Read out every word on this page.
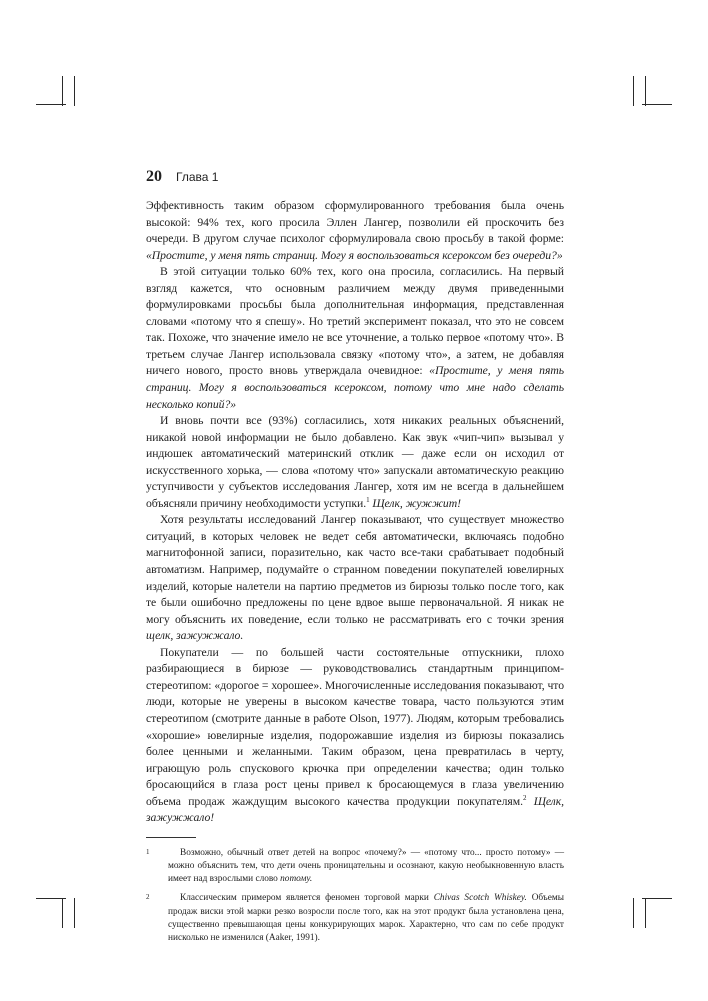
20 Глава 1

Эффективность таким образом сформулированного требования была очень высокой: 94% тех, кого просила Эллен Лангер, позволили ей проскочить без очереди. В другом случае психолог сформулировала свою просьбу в такой форме: «Простите, у меня пять страниц. Могу я воспользоваться ксероксом без очереди?»

В этой ситуации только 60% тех, кого она просила, согласились. На первый взгляд кажется, что основным различием между двумя приведенными формулировками просьбы была дополнительная информация, представленная словами «потому что я спешу». Но третий эксперимент показал, что это не совсем так. Похоже, что значение имело не все уточнение, а только первое «потому что». В третьем случае Лангер использовала связку «потому что», а затем, не добавляя ничего нового, просто вновь утверждала очевидное: «Простите, у меня пять страниц. Могу я воспользоваться ксероксом, потому что мне надо сделать несколько копий?»

И вновь почти все (93%) согласились, хотя никаких реальных объяснений, никакой новой информации не было добавлено. Как звук «чип-чип» вызывал у индюшек автоматический материнский отклик — даже если он исходил от искусственного хорька, — слова «потому что» запускали автоматическую реакцию уступчивости у субъектов исследования Лангер, хотя им не всегда в дальнейшем объясняли причину необходимости уступки.$^1$ Щелк, жужжит!

Хотя результаты исследований Лангер показывают, что существует множество ситуаций, в которых человек не ведет себя автоматически, включаясь подобно магнитофонной записи, поразительно, как часто все-таки срабатывает подобный автоматизм. Например, подумайте о странном поведении покупателей ювелирных изделий, которые налетели на партию предметов из бирюзы только после того, как те были ошибочно предложены по цене вдвое выше первоначальной. Я никак не могу объяснить их поведение, если только не рассматривать его с точки зрения щелк, зажужжало.

Покупатели — по большей части состоятельные отпускники, плохо разбирающиеся в бирюзе — руководствовались стандартным принципом-стереотипом: «дорогое = хорошее». Многочисленные исследования показывают, что люди, которые не уверены в высоком качестве товара, часто пользуются этим стереотипом (смотрите данные в работе Olson, 1977). Людям, которым требовались «хорошие» ювелирные изделия, подорожавшие изделия из бирюзы показались более ценными и желанными. Таким образом, цена превратилась в черту, играющую роль спускового крючка при определении качества; один только бросающийся в глаза рост цены привел к бросающемуся в глаза увеличению объема продаж жаждущим высокого качества продукции покупателям.$^2$ Щелк, зажужжало!

1	Возможно, обычный ответ детей на вопрос «почему?» — «потому что... просто потому» — можно объяснить тем, что дети очень проницательны и осознают, какую необыкновенную власть имеет над взрослыми слово потому.
2	Классическим примером является феномен торговой марки Chivas Scotch Whiskey. Объемы продаж виски этой марки резко возросли после того, как на этот продукт была установлена цена, существенно превышающая цены конкурирующих марок. Характерно, что сам по себе продукт нисколько не изменился (Aaker, 1991).
